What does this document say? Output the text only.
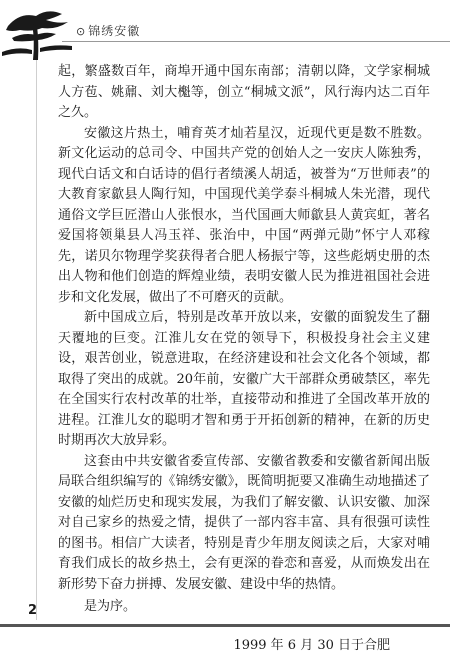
⊙ 锦绣安徽

起，繁盛数百年，商埠开通中国东南部；清朝以降，文学家桐城人方苞、姚鼐、刘大櫆等，创立“桐城文派”，风行海内达二百年之久。

安徽这片热土，哺育英才灿若星汉，近现代更是数不胜数。新文化运动的总司令、中国共产党的创始人之一安庆人陈独秀，现代白话文和白话诗的倡行者绩溪人胡适，被誉为“万世师表”的大教育家歙县人陶行知，中国现代美学泰斗桐城人朱光潜，现代通俗文学巨匠潜山人张恨水，当代国画大师歙县人黄宾虹，著名爱国将领巢县人冯玉祥、张治中，中国“两弹元勋”怀宁人邓稼先，诺贝尔物理学奖获得者合肥人杨振宁等，这些彪炳史册的杰出人物和他们创造的辉煌业绩，表明安徽人民为推进祖国社会进步和文化发展，做出了不可磨灭的贡献。

新中国成立后，特别是改革开放以来，安徽的面貌发生了翻天覆地的巨变。江淮儿女在党的领导下，积极投身社会主义建设，艰苦创业，锐意进取，在经济建设和社会文化各个领域，都取得了突出的成就。20年前，安徽广大干部群众勇破禁区，率先在全国实行农村改革的壮举，直接带动和推进了全国改革开放的进程。江淮儿女的聪明才智和勇于开拓创新的精神，在新的历史时期再次大放异彩。

这套由中共安徽省委宣传部、安徽省教委和安徽省新闻出版局联合组织编写的《锦绣安徽》，既简明扼要又准确生动地描述了安徽的灿烂历史和现实发展，为我们了解安徽、认识安徽、加深对自己家乡的热爱之情，提供了一部内容丰富、具有很强可读性的图书。相信广大读者，特别是青少年朋友阅读之后，大家对哺育我们成长的故乡热土，会有更深的眷恋和喜爱，从而焕发出在新形势下奋力拼搏、发展安徽、建设中华的热情。

是为序。

1999 年 6 月 30 日于合肥

2
